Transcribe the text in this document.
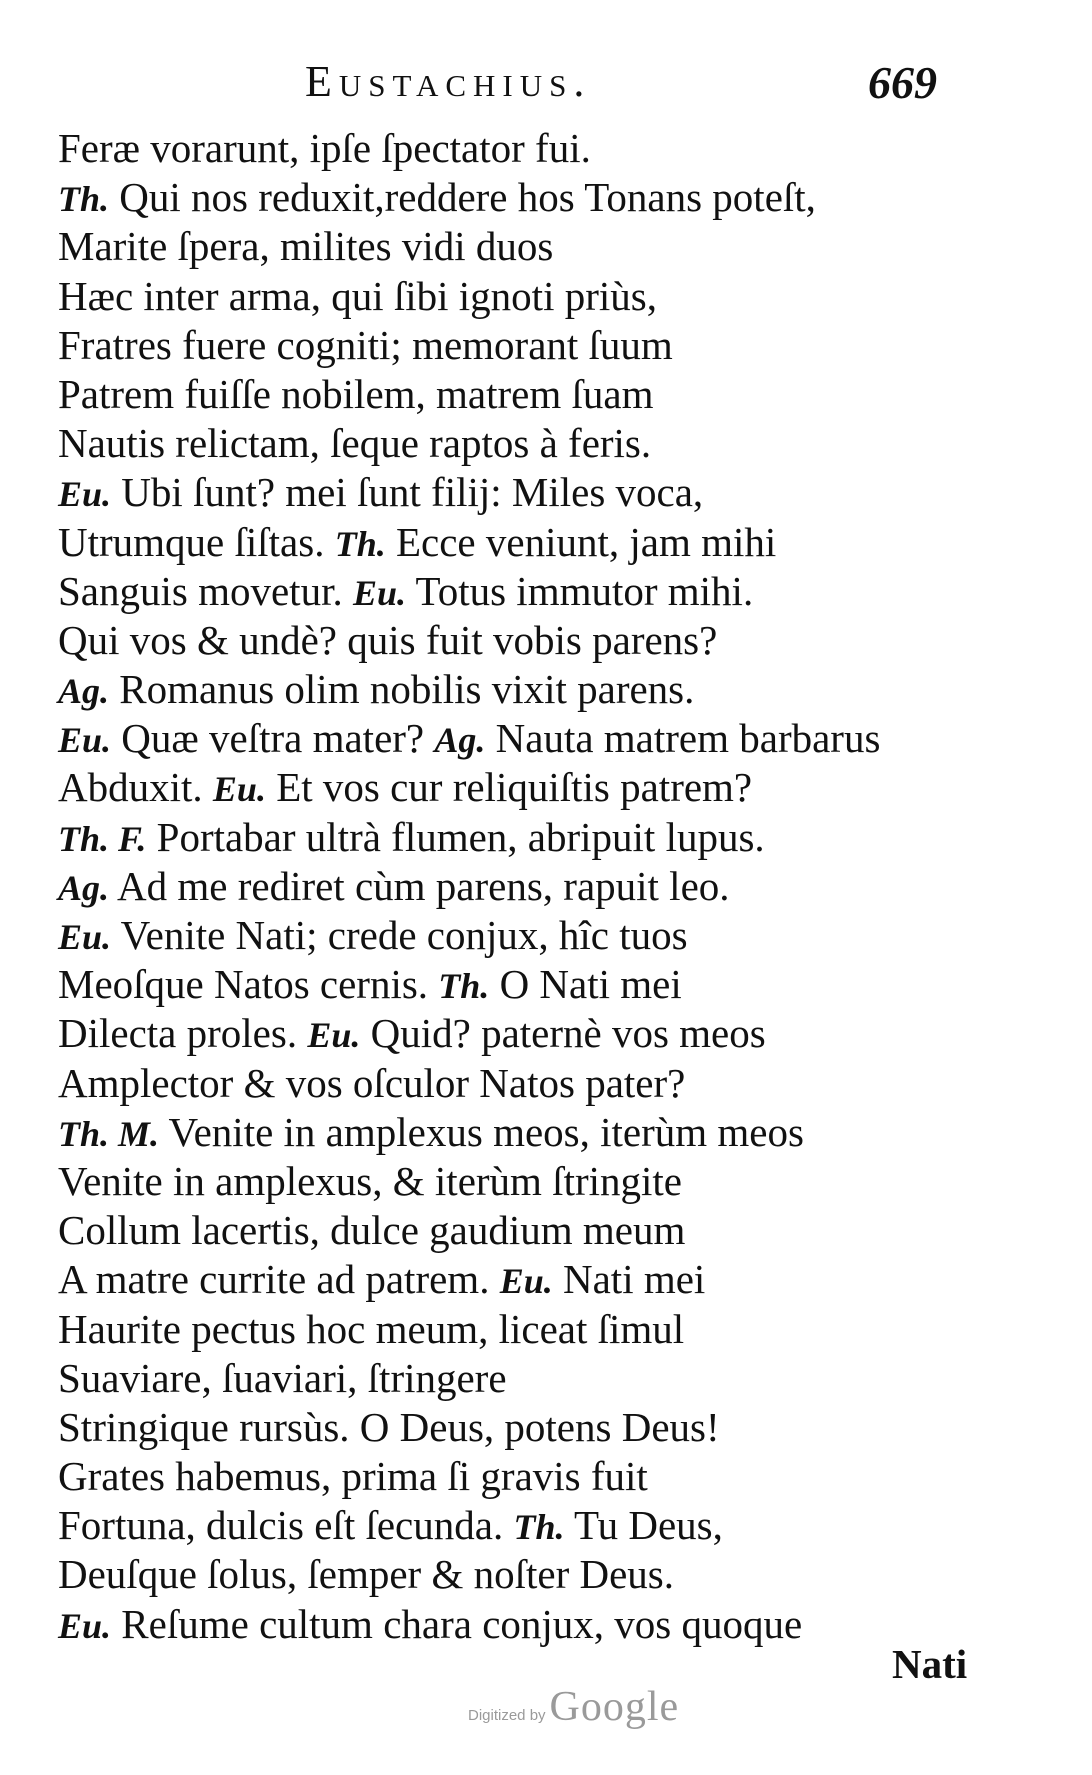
Eustachius.	669
Feræ vorarunt, ipſe ſpectator fui.
Th. Qui nos reduxit,reddere hos Tonans poteſt,
Marite ſpera, milites vidi duos
Hæc inter arma, qui ſibi ignoti priùs,
Fratres fuere cogniti; memorant ſuum
Patrem fuiſſe nobilem, matrem ſuam
Nautis relictam, ſeque raptos à feris.
Eu. Ubi ſunt? mei ſunt filij: Miles voca,
Utrumque ſiſtas. Th. Ecce veniunt, jam mihi
Sanguis movetur. Eu. Totus immutor mihi.
Qui vos & undè? quis fuit vobis parens?
Ag. Romanus olim nobilis vixit parens.
Eu. Quæ veſtra mater? Ag. Nauta matrem barbarus
Abduxit. Eu. Et vos cur reliquiſtis patrem?
Th. F. Portabar ultrà flumen, abripuit lupus.
Ag. Ad me rediret cùm parens, rapuit leo.
Eu. Venite Nati; crede conjux, hîc tuos
Meoſque Natos cernis. Th. O Nati mei
Dilecta proles. Eu. Quid? paternè vos meos
Amplector & vos oſculor Natos pater?
Th. M. Venite in amplexus meos, iterùm meos
Venite in amplexus, & iterùm ſtringite
Collum lacertis, dulce gaudium meum
A matre currite ad patrem. Eu. Nati mei
Haurite pectus hoc meum, liceat ſimul
Suaviare, ſuaviari, ſtringere
Stringique rursùs. O Deus, potens Deus!
Grates habemus, prima ſi gravis fuit
Fortuna, dulcis eſt ſecunda. Th. Tu Deus,
Deuſque ſolus, ſemper & noſter Deus.
Eu. Reſume cultum chara conjux, vos quoque
Nati
Digitized by Google
